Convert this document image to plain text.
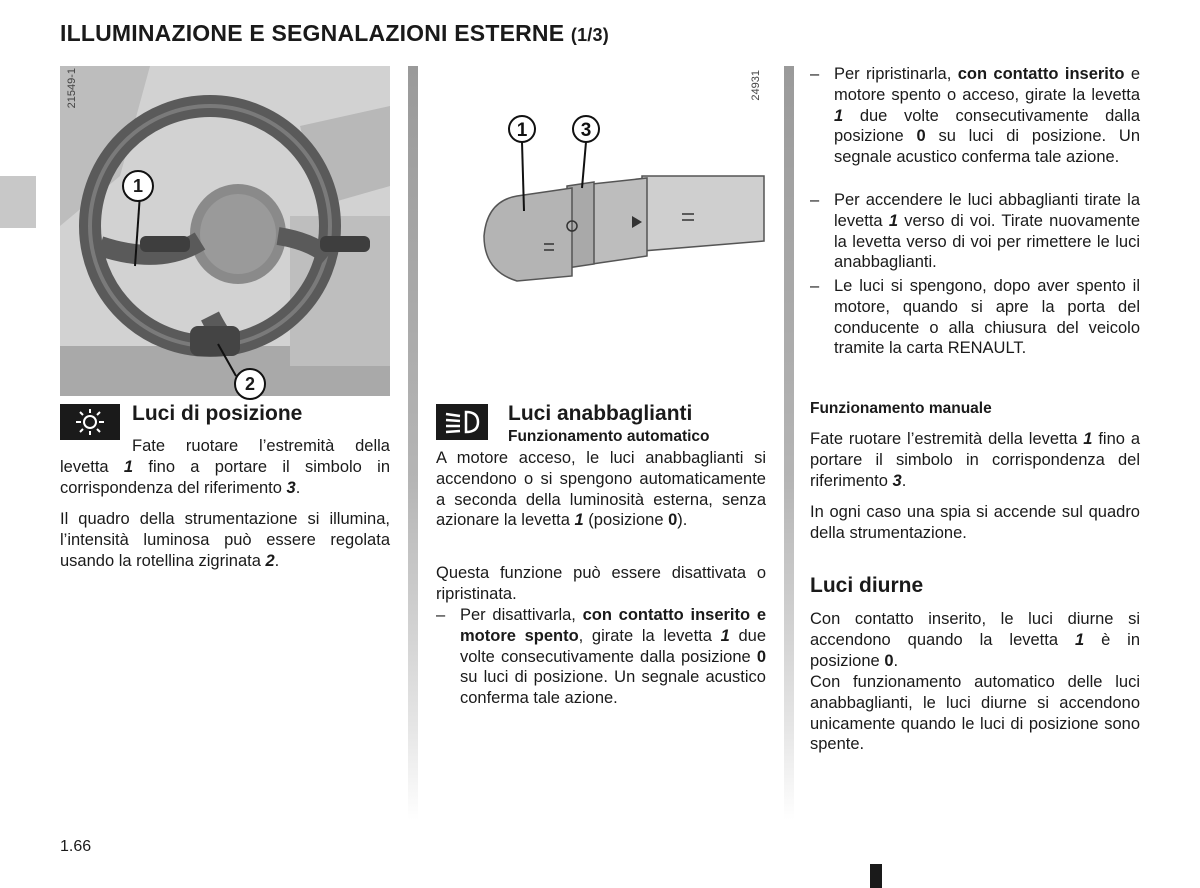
ILLUMINAZIONE E SEGNALAZIONI ESTERNE (1/3)
1
2
21549-1
1	3
24931
Luci di posizione
Fate ruotare l’estremità della levetta 1 fino a portare il simbolo in corrispondenza del riferimento 3.
Il quadro della strumentazione si illumina, l’intensità luminosa può essere regolata usando la rotellina zigrinata 2.
Luci anabbaglianti
Funzionamento automatico
A motore acceso, le luci anabbaglianti si accendono o si spengono automaticamente a seconda della luminosità esterna, senza azionare la levetta 1 (posizione 0).
Questa funzione può essere disattivata o ripristinata.
– Per disattivarla, con contatto inserito e motore spento, girate la levetta 1 due volte consecutivamente dalla posizione 0 su luci di posizione. Un segnale acustico conferma tale azione.
– Per ripristinarla, con contatto inserito e motore spento o acceso, girate la levetta 1 due volte consecutivamente dalla posizione 0 su luci di posizione. Un segnale acustico conferma tale azione.
– Per accendere le luci abbaglianti tirate la levetta 1 verso di voi. Tirate nuovamente la levetta verso di voi per rimettere le luci anabbaglianti.
– Le luci si spengono, dopo aver spento il motore, quando si apre la porta del conducente o alla chiusura del veicolo tramite la carta RENAULT.
Funzionamento manuale
Fate ruotare l’estremità della levetta 1 fino a portare il simbolo in corrispondenza del riferimento 3.
In ogni caso una spia si accende sul quadro della strumentazione.
Luci diurne
Con contatto inserito, le luci diurne si accendono quando la levetta 1 è in posizione 0.
Con funzionamento automatico delle luci anabbaglianti, le luci diurne si accendono unicamente quando le luci di posizione sono spente.
1.66
